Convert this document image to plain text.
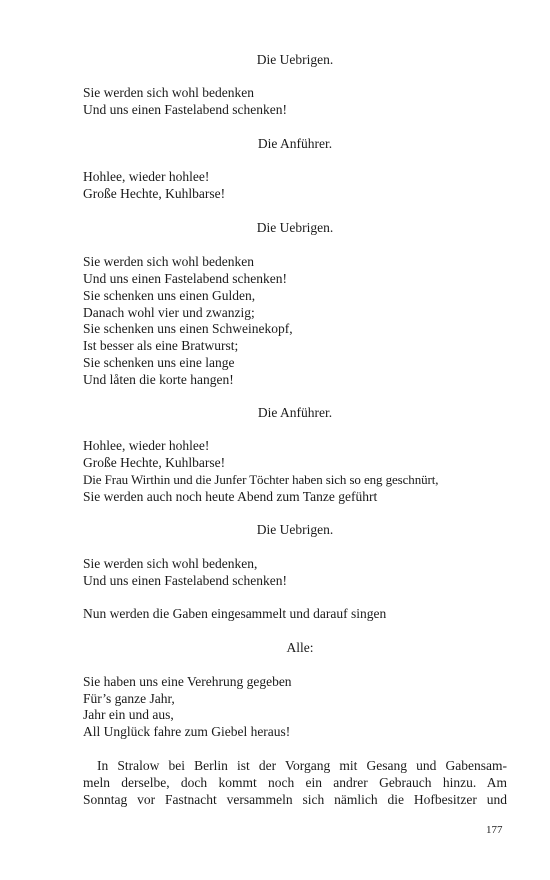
Die Uebrigen.
Sie werden sich wohl bedenken
Und uns einen Fastelabend schenken!
Die Anführer.
Hohlee, wieder hohlee!
Große Hechte, Kuhlbarse!
Die Uebrigen.
Sie werden sich wohl bedenken
Und uns einen Fastelabend schenken!
Sie schenken uns einen Gulden,
Danach wohl vier und zwanzig;
Sie schenken uns einen Schweinekopf,
Ist besser als eine Bratwurst;
Sie schenken uns eine lange
Und låten die korte hangen!
Die Anführer.
Hohlee, wieder hohlee!
Große Hechte, Kuhlbarse!
Die Frau Wirthin und die Junfer Töchter haben sich so eng geschnürt,
Sie werden auch noch heute Abend zum Tanze geführt
Die Uebrigen.
Sie werden sich wohl bedenken,
Und uns einen Fastelabend schenken!
Nun werden die Gaben eingesammelt und darauf singen
Alle:
Sie haben uns eine Verehrung gegeben
Für’s ganze Jahr,
Jahr ein und aus,
All Unglück fahre zum Giebel heraus!
In Stralow bei Berlin ist der Vorgang mit Gesang und Gabensam-
meln derselbe, doch kommt noch ein andrer Gebrauch hinzu. Am
Sonntag vor Fastnacht versammeln sich nämlich die Hofbesitzer und
177
